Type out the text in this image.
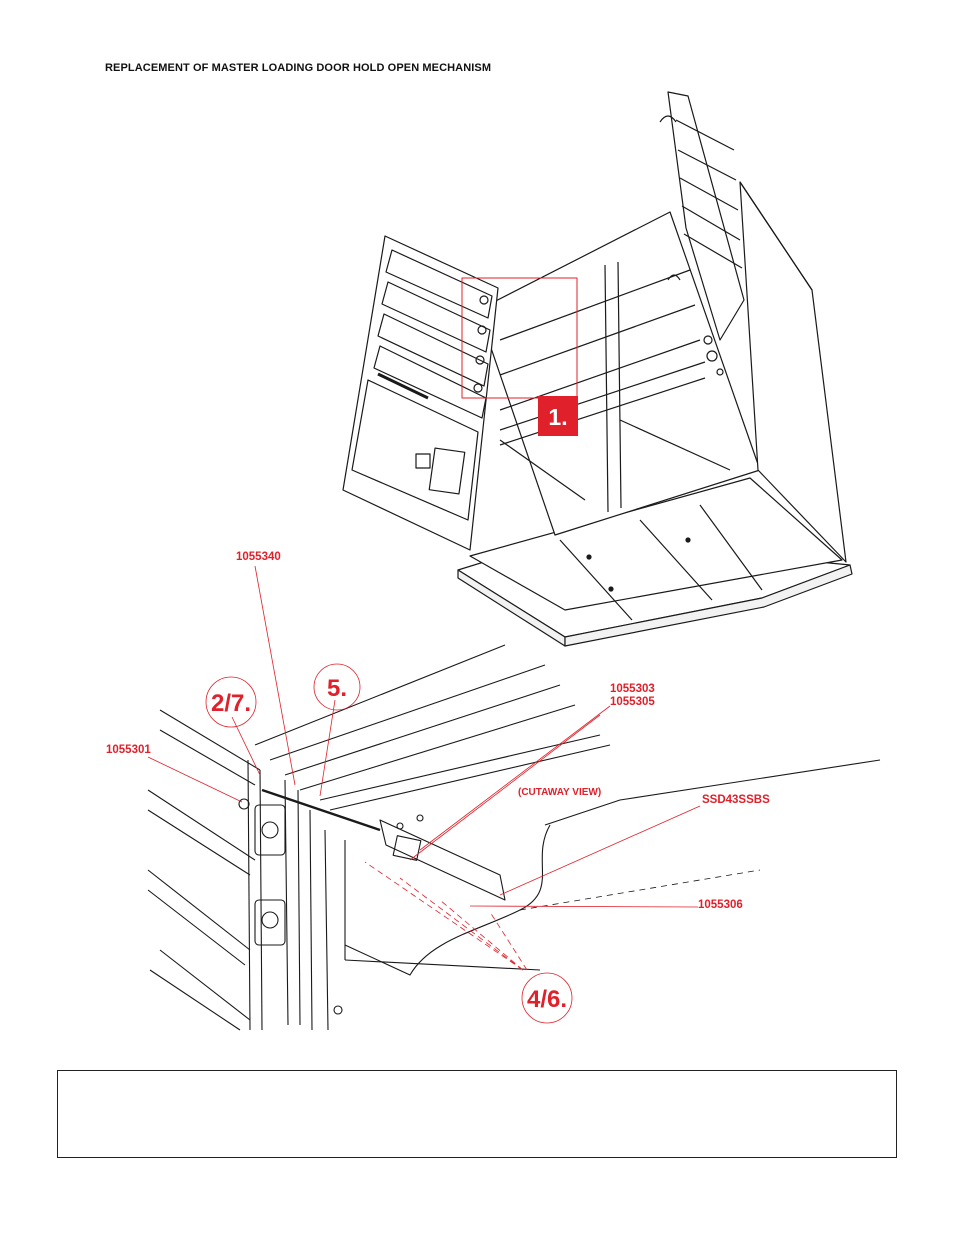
REPLACEMENT OF MASTER LOADING DOOR HOLD OPEN MECHANISM
1.
1055340
1055301
1055303
1055305
SSD43SSBS
1055306
(CUTAWAY VIEW)
2/7.
5.
4/6.
